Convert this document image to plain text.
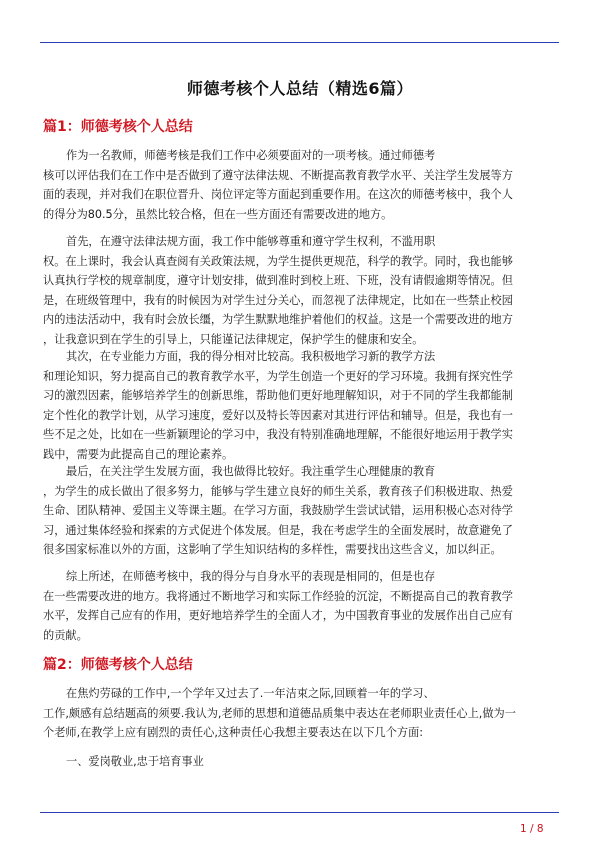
师德考核个人总结（精选6篇）
篇1：师德考核个人总结
作为一名教师，师德考核是我们工作中必须要面对的一项考核。通过师德考
核可以评估我们在工作中是否做到了遵守法律法规、不断提高教育教学水平、关注学生发展等方
面的表现，并对我们在职位晋升、岗位评定等方面起到重要作用。在这次的师德考核中，我个人
的得分为80.5分，虽然比较合格，但在一些方面还有需要改进的地方。
首先，在遵守法律法规方面，我工作中能够尊重和遵守学生权利，不滥用职
权。在上课时，我会认真查阅有关政策法规，为学生提供更规范，科学的教学。同时，我也能够
认真执行学校的规章制度，遵守计划安排，做到准时到校上班、下班，没有请假逾期等情况。但
是，在班级管理中，我有的时候因为对学生过分关心，而忽视了法律规定，比如在一些禁止校园
内的违法活动中，我有时会放长缰，为学生默默地维护着他们的权益。这是一个需要改进的地方
，让我意识到在学生的引导上，只能谨记法律规定，保护学生的健康和安全。
其次，在专业能力方面，我的得分相对比较高。我积极地学习新的教学方法
和理论知识，努力提高自己的教育教学水平，为学生创造一个更好的学习环境。我拥有探究性学
习的激烈因素，能够培养学生的创新思维，帮助他们更好地理解知识，对于不同的学生我都能制
定个性化的教学计划，从学习速度，爱好以及特长等因素对其进行评估和辅导。但是，我也有一
些不足之处，比如在一些新颖理论的学习中，我没有特别准确地理解，不能很好地运用于教学实
践中，需要为此提高自己的理论素养。
最后，在关注学生发展方面，我也做得比较好。我注重学生心理健康的教育
，为学生的成长做出了很多努力，能够与学生建立良好的师生关系，教育孩子们积极进取、热爱
生命、团队精神、爱国主义等课主题。在学习方面，我鼓励学生尝试试错，运用积极心态对待学
习，通过集体经验和探索的方式促进个体发展。但是，我在考虑学生的全面发展时，故意避免了
很多国家标准以外的方面，这影响了学生知识结构的多样性，需要找出这些含义，加以纠正。
综上所述，在师德考核中，我的得分与自身水平的表现是相同的，但是也存
在一些需要改进的地方。我将通过不断地学习和实际工作经验的沉淀，不断提高自己的教育教学
水平，发挥自己应有的作用，更好地培养学生的全面人才，为中国教育事业的发展作出自己应有
的贡献。
篇2：师德考核个人总结
在焦灼劳碌的工作中,一个学年又过去了.一年洁束之际,回顾着一年的学习、
工作,颇感有总结题高的须要.我认为,老师的思想和道德品质集中表达在老师职业责任心上,做为一
个老师,在教学上应有剧烈的责任心,这种责任心我想主要表达在以下几个方面:
一、爱岗敬业,忠于培育事业
1 / 8
